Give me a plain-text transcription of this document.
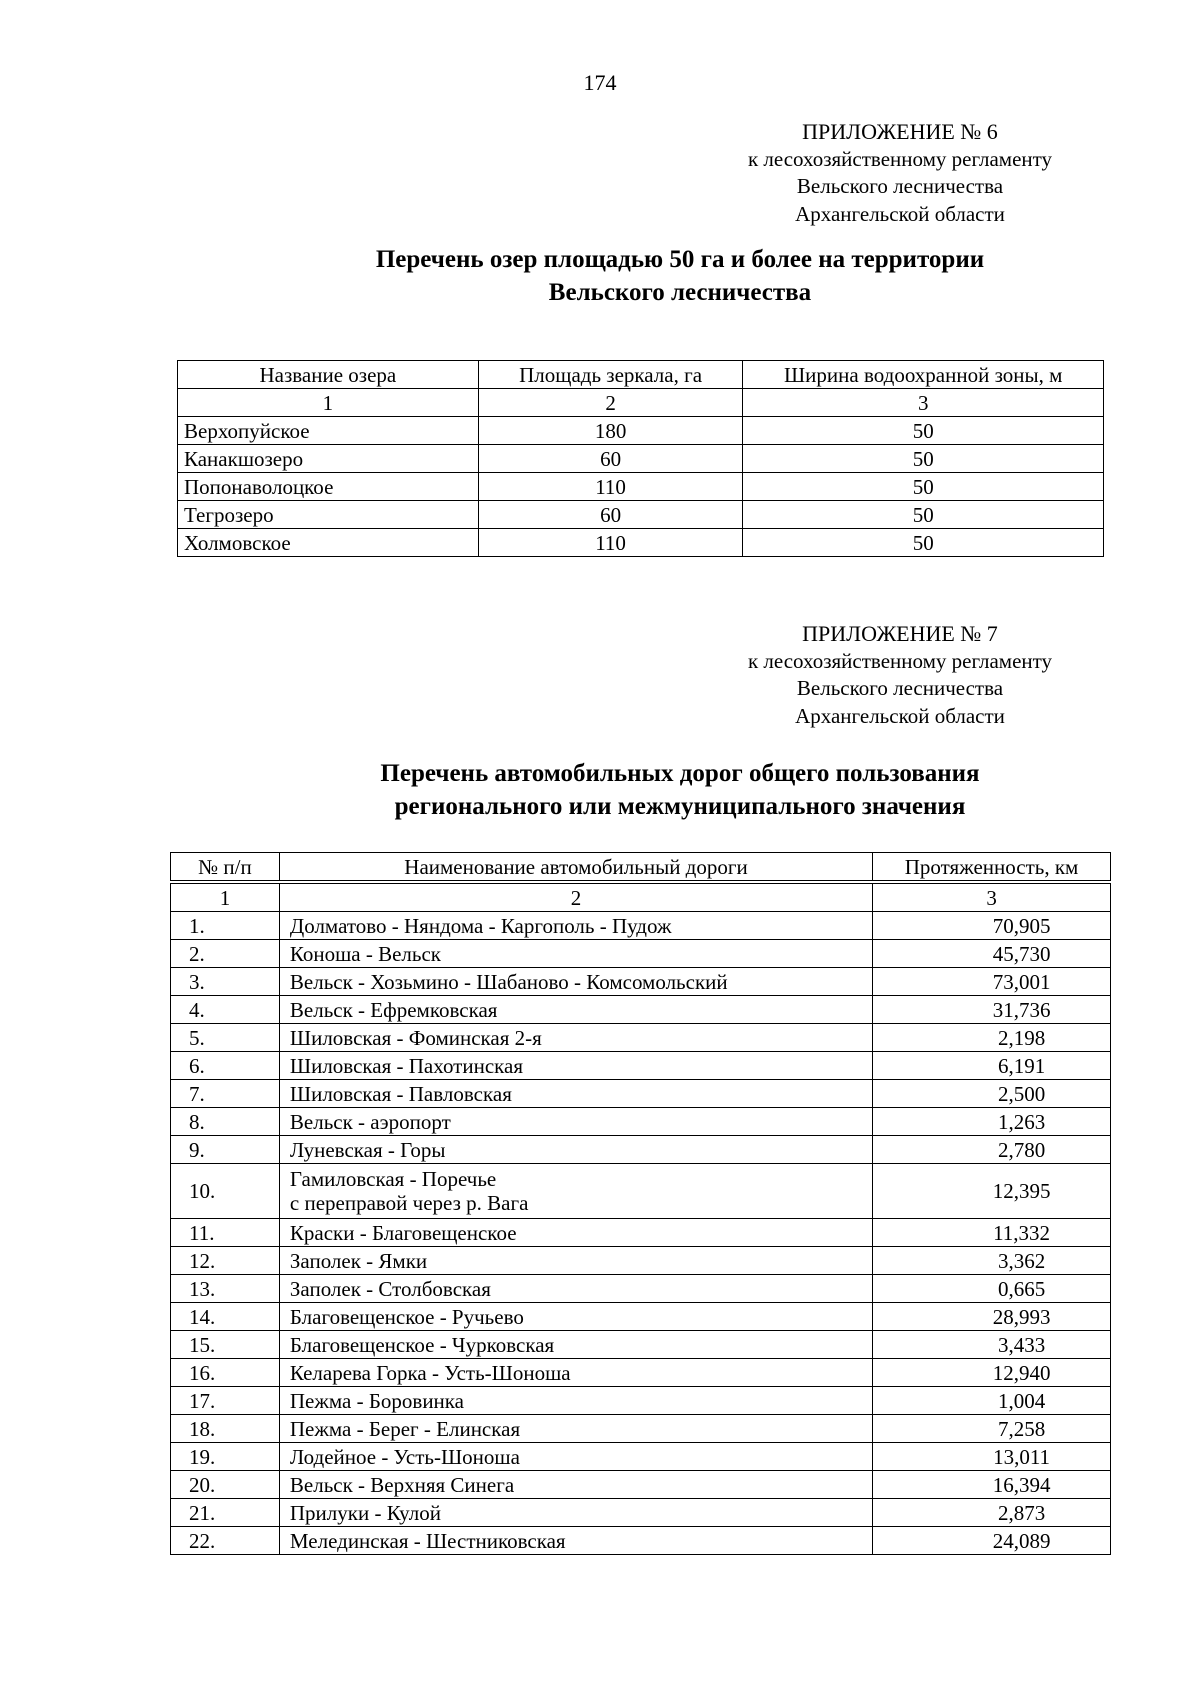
174
ПРИЛОЖЕНИЕ № 6
к лесохозяйственному регламенту
Вельского лесничества
Архангельской области
Перечень озер площадью 50 га и более на территории
Вельского лесничества
Название озера	Площадь зеркала, га	Ширина водоохранной зоны, м
1	2	3
Верхопуйское	180	50
Канакшозеро	60	50
Попонаволоцкое	110	50
Тегрозеро	60	50
Холмовское	110	50
ПРИЛОЖЕНИЕ № 7
к лесохозяйственному регламенту
Вельского лесничества
Архангельской области
Перечень автомобильных дорог общего пользования
регионального или межмуниципального значения
№ п/п	Наименование автомобильный дороги	Протяженность, км
1	2	3
1.	Долматово - Няндома - Каргополь - Пудож	70,905
2.	Коноша - Вельск	45,730
3.	Вельск - Хозьмино - Шабаново - Комсомольский	73,001
4.	Вельск - Ефремковская	31,736
5.	Шиловская - Фоминская 2-я	2,198
6.	Шиловская - Пахотинская	6,191
7.	Шиловская - Павловская	2,500
8.	Вельск - аэропорт	1,263
9.	Луневская - Горы	2,780
10.	Гамиловская - Поречье
с переправой через р. Вага	12,395
11.	Краски - Благовещенское	11,332
12.	Заполек - Ямки	3,362
13.	Заполек - Столбовская	0,665
14.	Благовещенское - Ручьево	28,993
15.	Благовещенское - Чурковская	3,433
16.	Келарева Горка - Усть-Шоноша	12,940
17.	Пежма - Боровинка	1,004
18.	Пежма - Берег - Елинская	7,258
19.	Лодейное - Усть-Шоноша	13,011
20.	Вельск - Верхняя Синега	16,394
21.	Прилуки - Кулой	2,873
22.	Мелединская - Шестниковская	24,089
